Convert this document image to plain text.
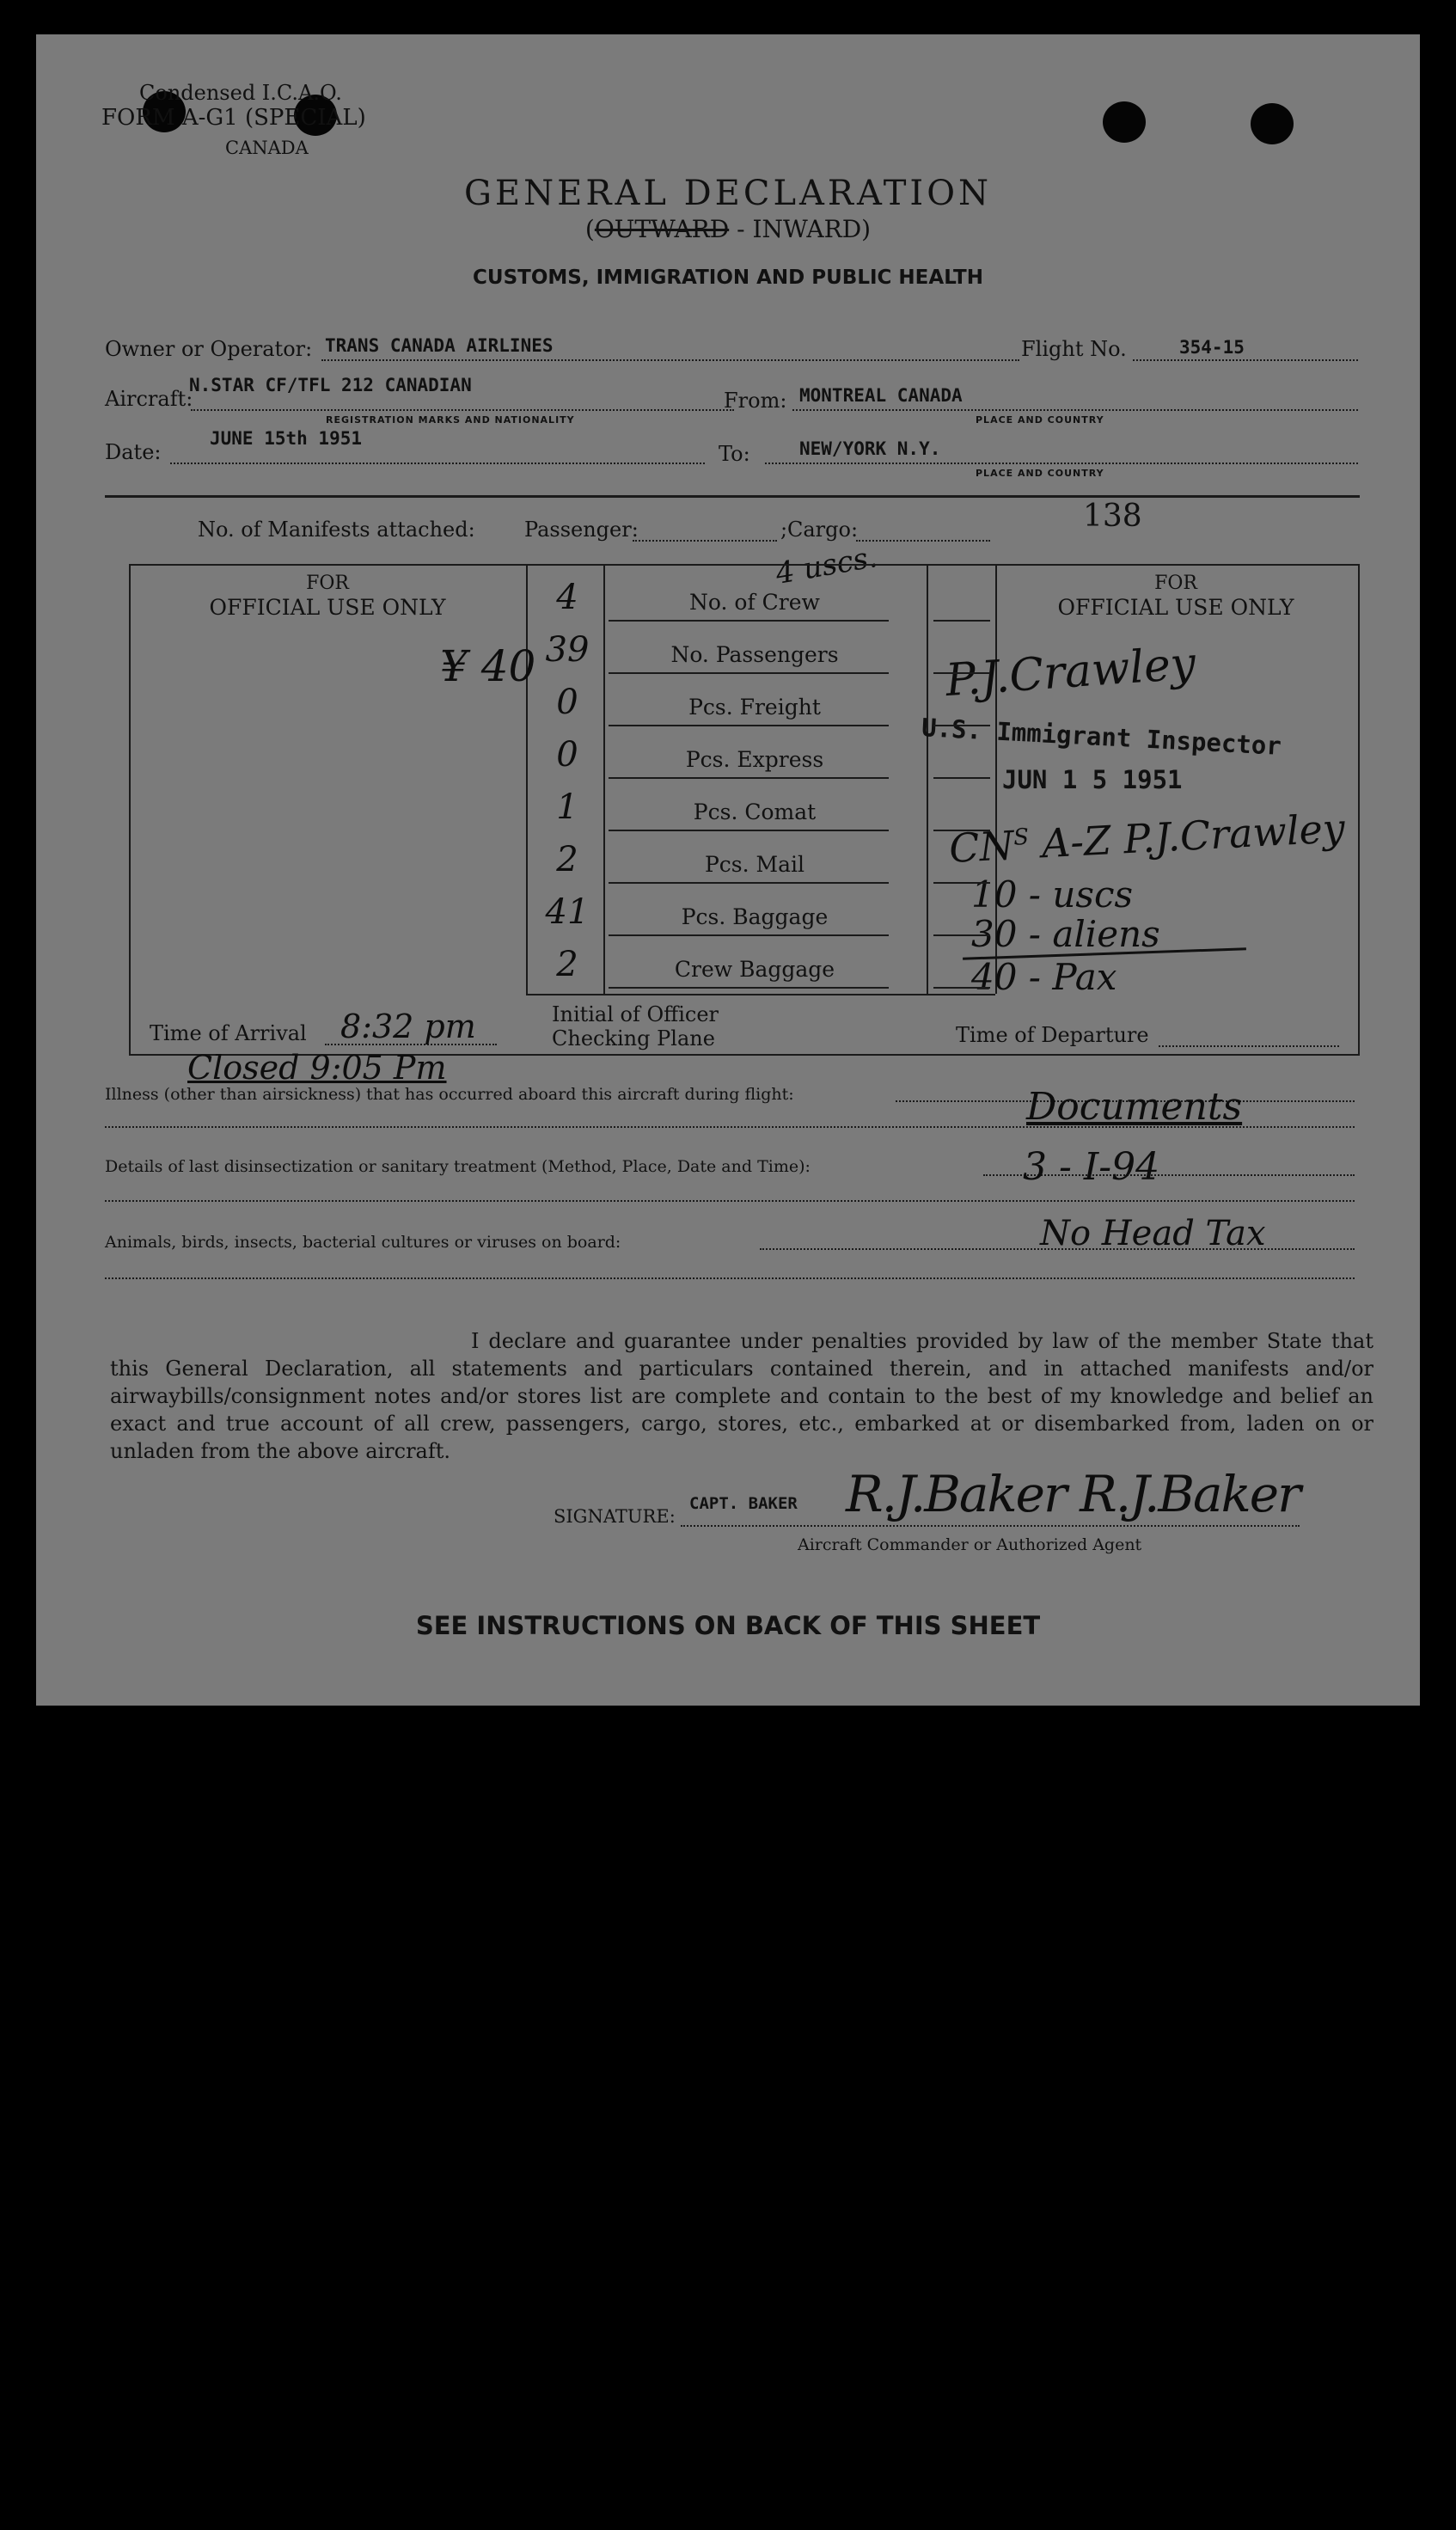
Condensed I.C.A.O.
FORM A-G1 (SPECIAL)
CANADA
GENERAL DECLARATION
(OUTWARD - INWARD)
CUSTOMS, IMMIGRATION AND PUBLIC HEALTH
Owner or Operator: TRANS CANADA AIRLINES	Flight No.	354-15
Aircraft:
N.STAR CF/TFL 212 CANADIAN
REGISTRATION MARKS AND NATIONALITY
From: MONTREAL CANADA
PLACE AND COUNTRY
Date:
JUNE 15th 1951
To:	NEW/YORK N.Y.
PLACE AND COUNTRY
No. of Manifests attached: Passenger:	; Cargo:	138
4 uscs.
FOR
OFFICIAL USE ONLY
FOR
OFFICIAL USE ONLY
¥ 40
Time of Arrival 8:32 pm	Initial of Officer
Checking Plane	Time of Departure
P.J.Crawley
U.S. Immigrant Inspector
JUN 1 5 1951
$CN^S$ A-Z P.J.Crawley
10 - uscs
30 - aliens
40 - Pax
Closed 9:05 Pm
Illness (other than airsickness) that has occurred aboard this aircraft during flight:	Documents
Details of last disinsectization or sanitary treatment (Method, Place, Date and Time):	3 - I-94
Animals, birds, insects, bacterial cultures or viruses on board:	No Head Tax
I declare and guarantee under penalties provided by law of the member State that this General Declaration, all statements and particulars contained therein, and in attached manifests and/or airwaybills/consignment notes and/or stores list are complete and contain to the best of my knowledge and belief an exact and true account of all crew, passengers, cargo, stores, etc., embarked at or disembarked from, laden on or unladen from the above aircraft.
SIGNATURE:
CAPT. BAKER R.J.Baker R.J.Baker
Aircraft Commander or Authorized Agent
SEE INSTRUCTIONS ON BACK OF THIS SHEET
4	No. of Crew
39	No. Passengers
0	Pcs. Freight
0	Pcs. Express
1	Pcs. Comat
2	Pcs. Mail
41	Pcs. Baggage
2	Crew Baggage
